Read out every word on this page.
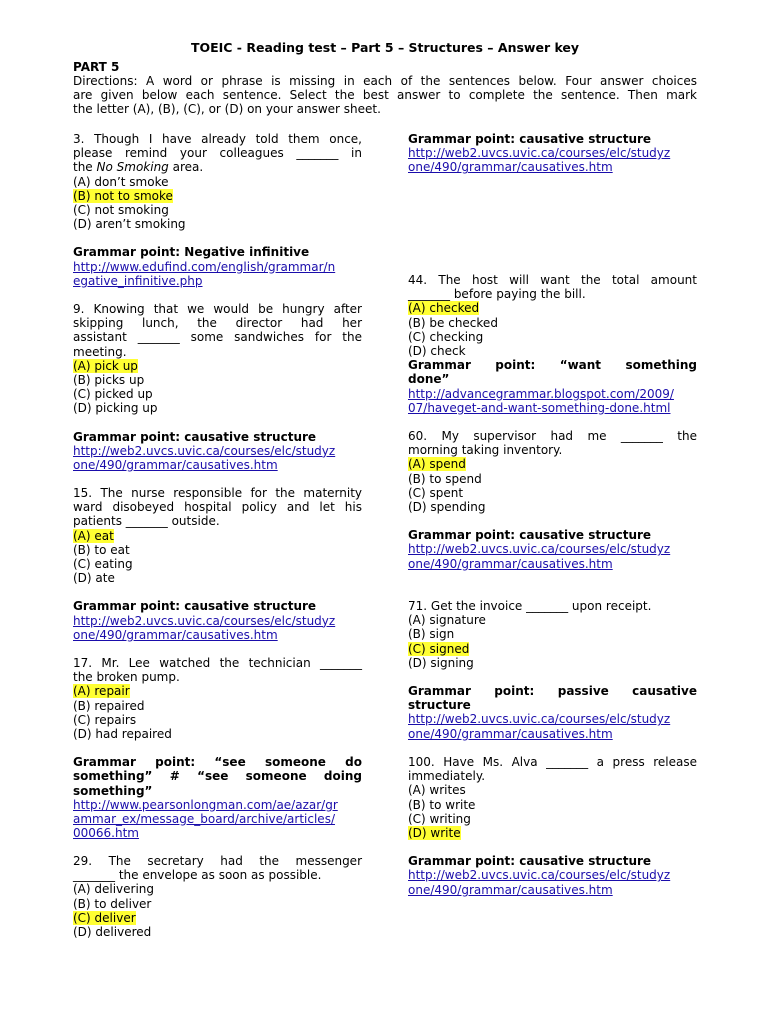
TOEIC - Reading test – Part 5 – Structures – Answer key
PART 5
Directions: A word or phrase is missing in each of the sentences below. Four answer choices
are given below each sentence. Select the best answer to complete the sentence. Then mark
the letter (A), (B), (C), or (D) on your answer sheet.
3. Though I have already told them once,
please remind your colleagues _______ in
the No Smoking area.
(A) don’t smoke
(B) not to smoke
(C) not smoking
(D) aren’t smoking
Grammar point: Negative infinitive
http://www.edufind.com/english/grammar/n
egative_infinitive.php
9. Knowing that we would be hungry after
skipping lunch, the director had her
assistant _______ some sandwiches for the
meeting.
(A) pick up
(B) picks up
(C) picked up
(D) picking up
Grammar point: causative structure
http://web2.uvcs.uvic.ca/courses/elc/studyz
one/490/grammar/causatives.htm
15. The nurse responsible for the maternity
ward disobeyed hospital policy and let his
patients _______ outside.
(A) eat
(B) to eat
(C) eating
(D) ate
Grammar point: causative structure
http://web2.uvcs.uvic.ca/courses/elc/studyz
one/490/grammar/causatives.htm
17. Mr. Lee watched the technician _______
the broken pump.
(A) repair
(B) repaired
(C) repairs
(D) had repaired
Grammar point: “see someone do
something” # “see someone doing
something”
http://www.pearsonlongman.com/ae/azar/gr
ammar_ex/message_board/archive/articles/
00066.htm
29. The secretary had the messenger
_______ the envelope as soon as possible.
(A) delivering
(B) to deliver
(C) deliver
(D) delivered
Grammar point: causative structure
http://web2.uvcs.uvic.ca/courses/elc/studyz
one/490/grammar/causatives.htm
44. The host will want the total amount
_______ before paying the bill.
(A) checked
(B) be checked
(C) checking
(D) check
Grammar point: “want something
done”
http://advancegrammar.blogspot.com/2009/
07/haveget-and-want-something-done.html
60. My supervisor had me _______ the
morning taking inventory.
(A) spend
(B) to spend
(C) spent
(D) spending
Grammar point: causative structure
http://web2.uvcs.uvic.ca/courses/elc/studyz
one/490/grammar/causatives.htm
71. Get the invoice _______ upon receipt.
(A) signature
(B) sign
(C) signed
(D) signing
Grammar point: passive causative
structure
http://web2.uvcs.uvic.ca/courses/elc/studyz
one/490/grammar/causatives.htm
100. Have Ms. Alva _______ a press release
immediately.
(A) writes
(B) to write
(C) writing
(D) write
Grammar point: causative structure
http://web2.uvcs.uvic.ca/courses/elc/studyz
one/490/grammar/causatives.htm
